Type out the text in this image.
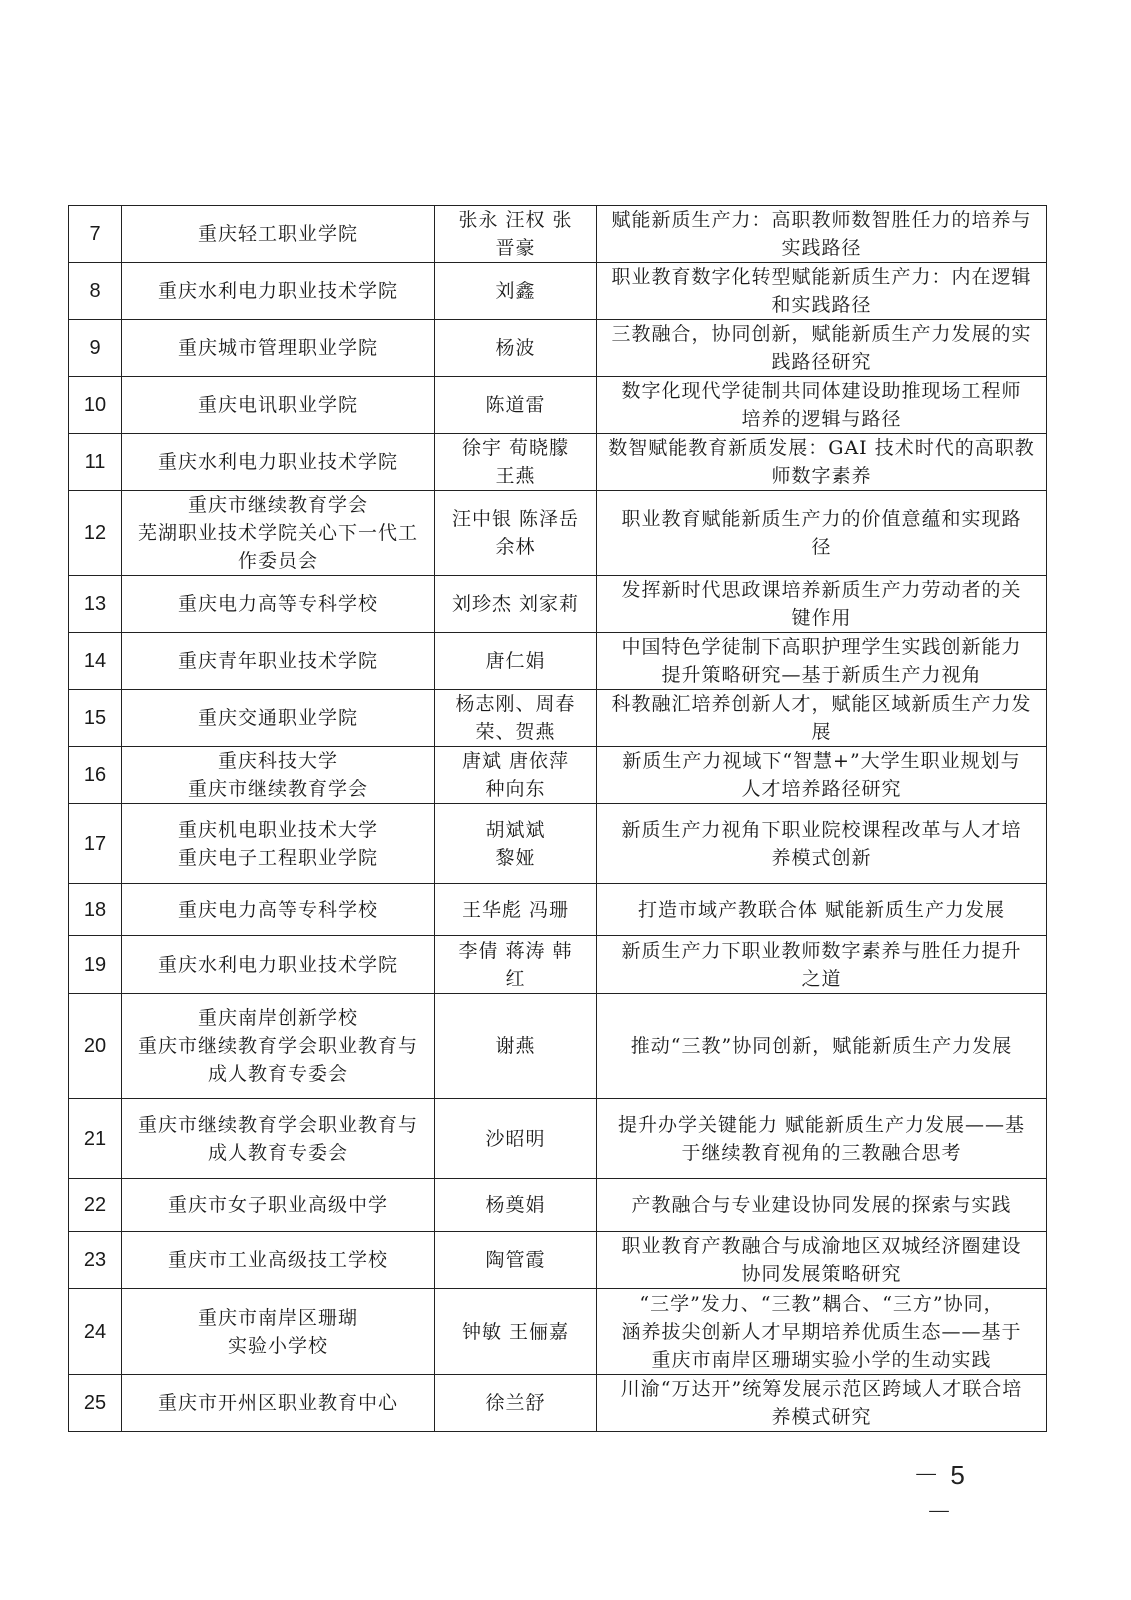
7	重庆轻工职业学院	张永 汪权 张
晋豪	赋能新质生产力：高职教师数智胜任力的培养与
实践路径
8	重庆水利电力职业技术学院	刘鑫	职业教育数字化转型赋能新质生产力：内在逻辑
和实践路径
9	重庆城市管理职业学院	杨波	三教融合，协同创新，赋能新质生产力发展的实
践路径研究
10	重庆电讯职业学院	陈道雷	数字化现代学徒制共同体建设助推现场工程师
培养的逻辑与路径
11	重庆水利电力职业技术学院	徐宇 荀晓朦
王燕	数智赋能教育新质发展：GAI 技术时代的高职教
师数字素养
12	重庆市继续教育学会
芜湖职业技术学院关心下一代工
作委员会	汪中银 陈泽岳
余林	职业教育赋能新质生产力的价值意蕴和实现路
径
13	重庆电力高等专科学校	刘珍杰 刘家莉	发挥新时代思政课培养新质生产力劳动者的关
键作用
14	重庆青年职业技术学院	唐仁娟	中国特色学徒制下高职护理学生实践创新能力
提升策略研究—基于新质生产力视角
15	重庆交通职业学院	杨志刚、周春
荣、贺燕	科教融汇培养创新人才，赋能区域新质生产力发
展
16	重庆科技大学
重庆市继续教育学会	唐斌 唐依萍
种向东	新质生产力视域下“智慧+”大学生职业规划与
人才培养路径研究
17	重庆机电职业技术大学
重庆电子工程职业学院	胡斌斌
黎娅	新质生产力视角下职业院校课程改革与人才培
养模式创新
18	重庆电力高等专科学校	王华彪 冯珊	打造市域产教联合体 赋能新质生产力发展
19	重庆水利电力职业技术学院	李倩 蒋涛 韩
红	新质生产力下职业教师数字素养与胜任力提升
之道
20	重庆南岸创新学校
重庆市继续教育学会职业教育与
成人教育专委会	谢燕	推动“三教”协同创新，赋能新质生产力发展
21	重庆市继续教育学会职业教育与
成人教育专委会	沙昭明	提升办学关键能力 赋能新质生产力发展——基
于继续教育视角的三教融合思考
22	重庆市女子职业高级中学	杨奠娟	产教融合与专业建设协同发展的探索与实践
23	重庆市工业高级技工学校	陶管霞	职业教育产教融合与成渝地区双城经济圈建设
协同发展策略研究
24	重庆市南岸区珊瑚
实验小学校	钟敏 王俪嘉	“三学”发力、“三教”耦合、“三方”协同，
涵养拔尖创新人才早期培养优质生态——基于
重庆市南岸区珊瑚实验小学的生动实践
25	重庆市开州区职业教育中心	徐兰舒	川渝“万达开”统筹发展示范区跨域人才联合培
养模式研究
－ 5 －
